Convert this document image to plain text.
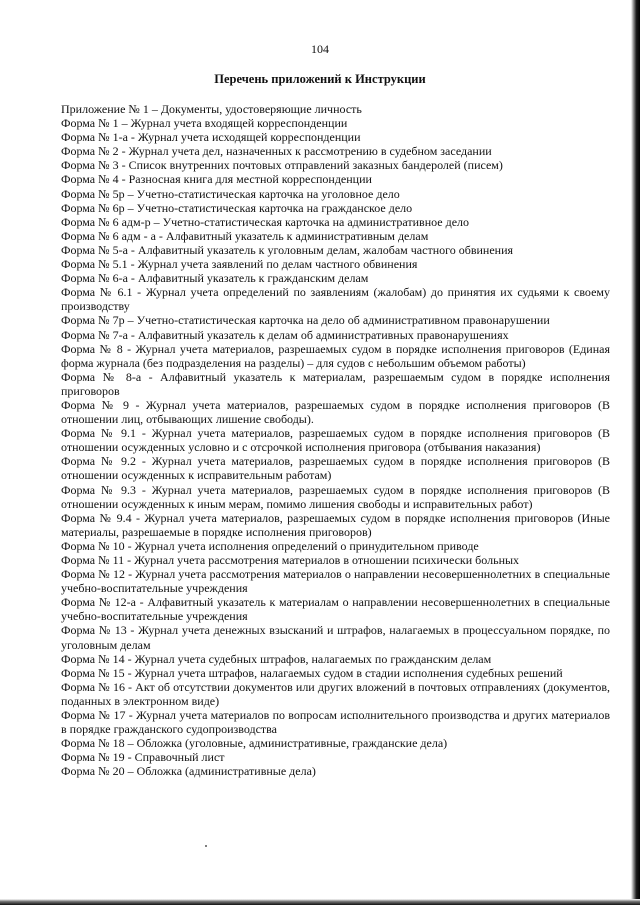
104
Перечень приложений к Инструкции

Приложение № 1 – Документы, удостоверяющие личность

Форма № 1 – Журнал учета входящей корреспонденции

Форма № 1-а - Журнал учета исходящей корреспонденции

Форма № 2 - Журнал учета дел, назначенных к рассмотрению в судебном заседании

Форма № 3 - Список внутренних почтовых отправлений заказных бандеролей (писем)

Форма № 4 - Разносная книга для местной корреспонденции

Форма № 5р – Учетно-статистическая карточка на уголовное дело

Форма № 6р – Учетно-статистическая карточка на гражданское дело

Форма № 6 адм-р – Учетно-статистическая карточка на административное дело

Форма № 6 адм - а - Алфавитный указатель к административным делам

Форма № 5-а - Алфавитный указатель к уголовным делам, жалобам частного обвинения

Форма № 5.1 - Журнал учета заявлений по делам частного обвинения

Форма № 6-а - Алфавитный указатель к гражданским делам

Форма № 6.1 - Журнал учета определений по заявлениям (жалобам) до принятия их судьями к своему производству

Форма № 7р – Учетно-статистическая карточка на дело об административном правонарушении

Форма № 7-а - Алфавитный указатель к делам об административных правонарушениях

Форма № 8 - Журнал учета материалов, разрешаемых судом в порядке исполнения приговоров (Единая форма журнала (без подразделения на разделы) – для судов с небольшим объемом работы)

Форма № 8-а - Алфавитный указатель к материалам, разрешаемым судом в порядке исполнения приговоров

Форма № 9 - Журнал учета материалов, разрешаемых судом в порядке исполнения приговоров (В отношении лиц, отбывающих лишение свободы).

Форма № 9.1 - Журнал учета материалов, разрешаемых судом в порядке исполнения приговоров (В отношении осужденных условно и с отсрочкой исполнения приговора (отбывания наказания)

Форма № 9.2 - Журнал учета материалов, разрешаемых судом в порядке исполнения приговоров (В отношении осужденных к исправительным работам)

Форма № 9.3 - Журнал учета материалов, разрешаемых судом в порядке исполнения приговоров (В отношении осужденных к иным мерам, помимо лишения свободы и исправительных работ)

Форма № 9.4 - Журнал учета материалов, разрешаемых судом в порядке исполнения приговоров (Иные материалы, разрешаемые в порядке исполнения приговоров)

Форма № 10 - Журнал учета исполнения определений о принудительном приводе

Форма № 11 - Журнал учета рассмотрения материалов в отношении психически больных

Форма № 12 - Журнал учета рассмотрения материалов о направлении несовершеннолетних в специальные учебно-воспитательные учреждения

Форма № 12-а - Алфавитный указатель к материалам о направлении несовершеннолетних в специальные учебно-воспитательные учреждения

Форма № 13 - Журнал учета денежных взысканий и штрафов, налагаемых в процессуальном порядке, по уголовным делам

Форма № 14 - Журнал учета судебных штрафов, налагаемых по гражданским делам

Форма № 15 - Журнал учета штрафов, налагаемых судом в стадии исполнения судебных решений

Форма № 16 - Акт об отсутствии документов или других вложений в почтовых отправлениях (документов, поданных в электронном виде)

Форма № 17 - Журнал учета материалов по вопросам исполнительного производства и других материалов в порядке гражданского судопроизводства

Форма № 18 – Обложка (уголовные, административные, гражданские дела)

Форма № 19 - Справочный лист

Форма № 20 – Обложка (административные дела)
